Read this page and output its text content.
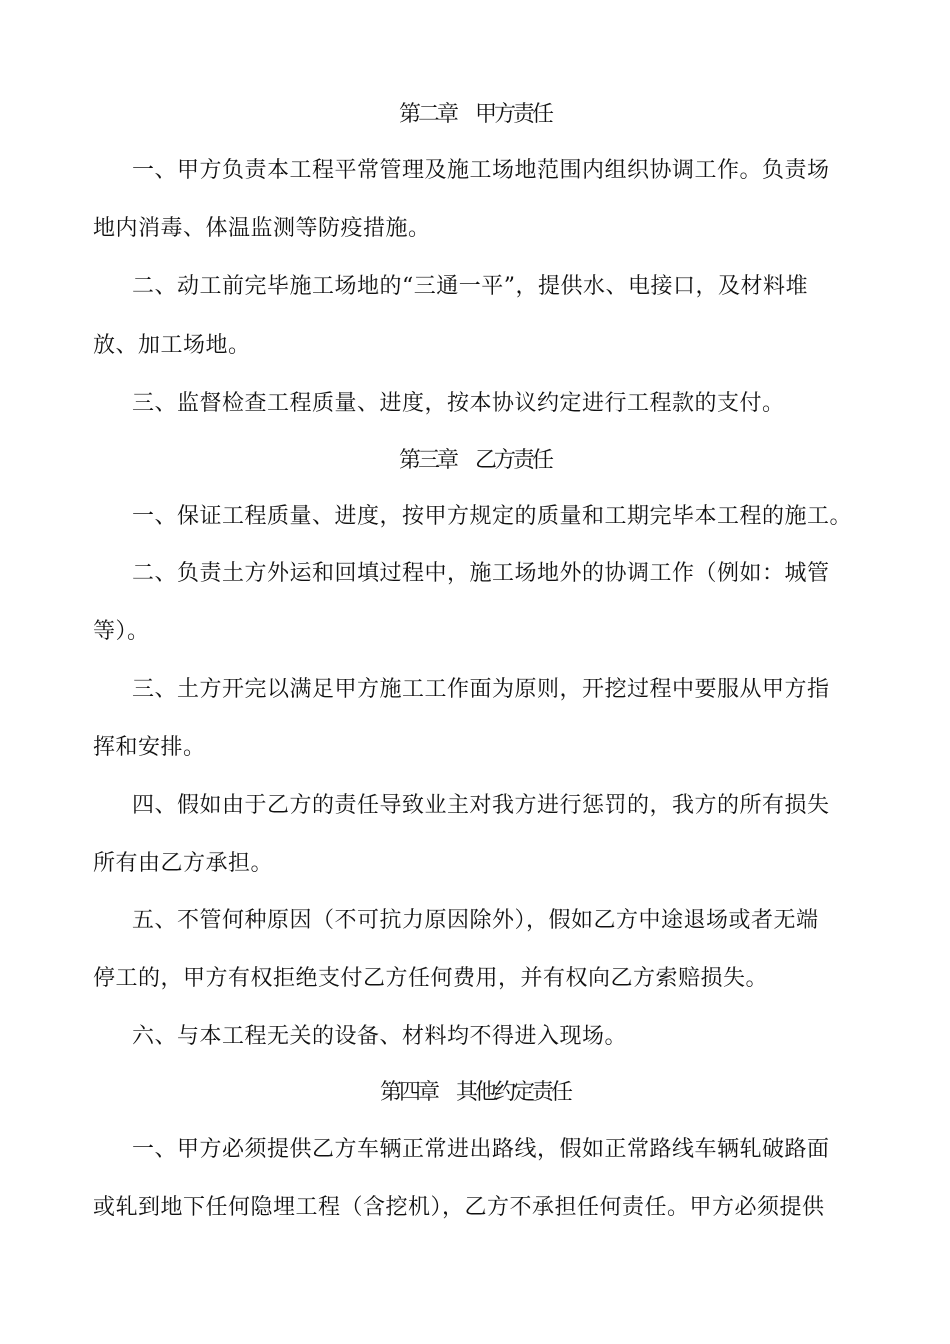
第二章　甲方责任
一、甲方负责本工程平常管理及施工场地范围内组织协调工作。负责场
地内消毒、体温监测等防疫措施。
二、动工前完毕施工场地的“三通一平”，提供水、电接口，及材料堆
放、加工场地。
三、监督检查工程质量、进度，按本协议约定进行工程款的支付。
第三章　乙方责任
一、保证工程质量、进度，按甲方规定的质量和工期完毕本工程的施工。
二、负责土方外运和回填过程中，施工场地外的协调工作（例如：城管
等）。
三、土方开完以满足甲方施工工作面为原则，开挖过程中要服从甲方指
挥和安排。
四、假如由于乙方的责任导致业主对我方进行惩罚的，我方的所有损失
所有由乙方承担。
五、不管何种原因（不可抗力原因除外），假如乙方中途退场或者无端
停工的，甲方有权拒绝支付乙方任何费用，并有权向乙方索赔损失。
六、与本工程无关的设备、材料均不得进入现场。
第四章　其他约定责任
一、甲方必须提供乙方车辆正常进出路线，假如正常路线车辆轧破路面
或轧到地下任何隐埋工程（含挖机），乙方不承担任何责任。甲方必须提供
